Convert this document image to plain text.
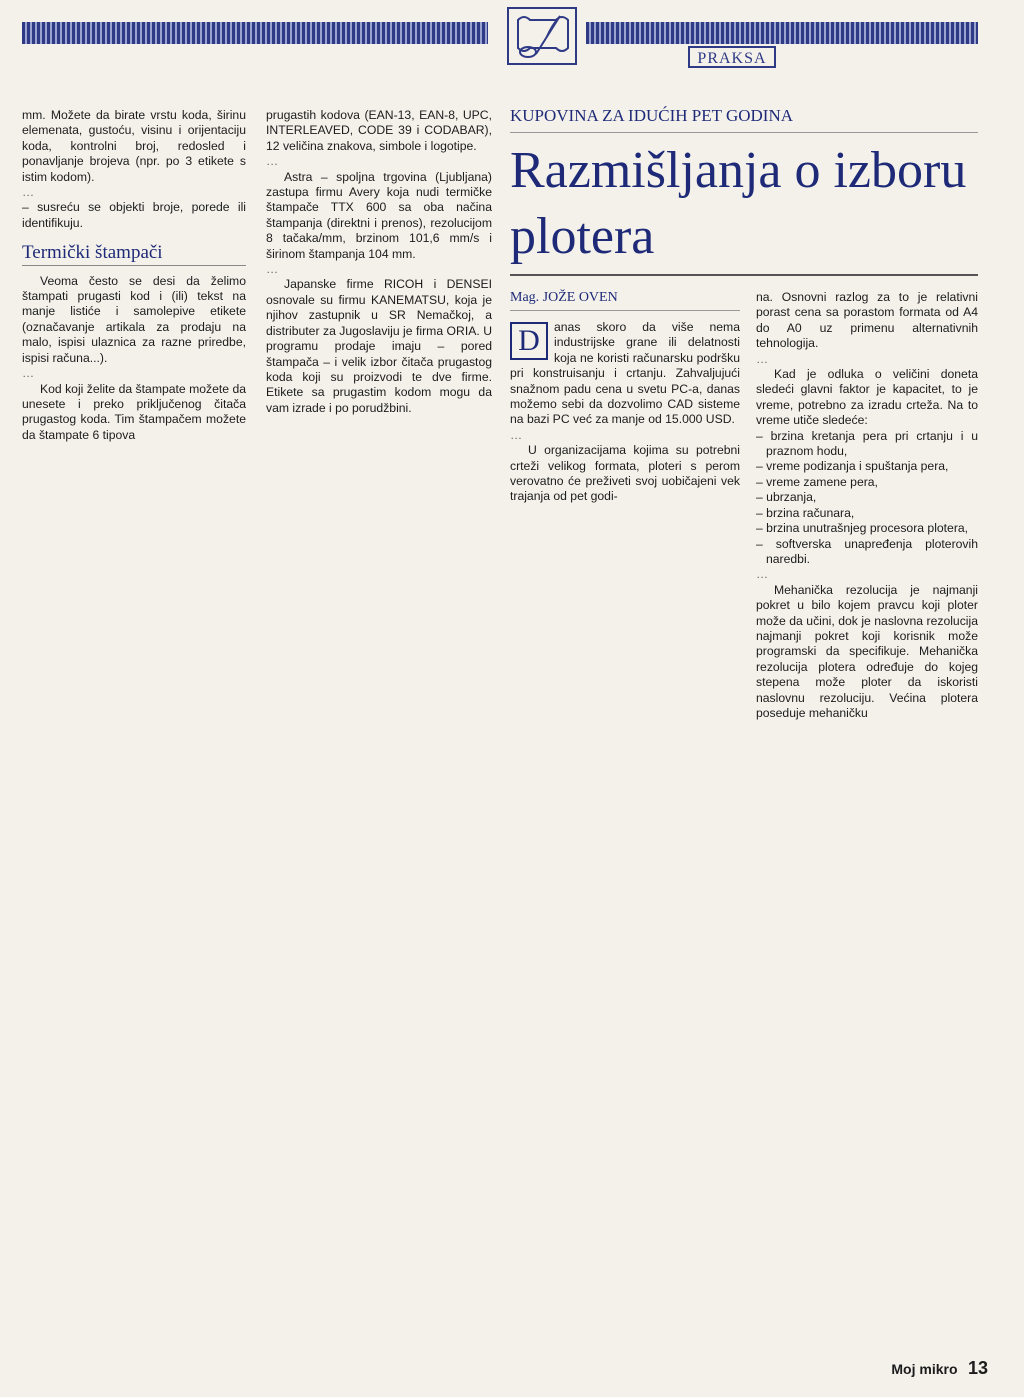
PRAKSA

mm. Možete da birate vrstu koda, širinu elemenata, gustoću, visinu i orijentaciju koda, kontrolni broj, redosled i ponavljanje brojeva (npr. po 3 etikete s istim kodom).

…

– susreću se objekti broje, porede ili identifikuju.

Termički štampači

Veoma često se desi da želimo štampati prugasti kod i (ili) tekst na manje listiće i samolepive etikete (označavanje artikala za prodaju na malo, ispisi ulaznica za razne priredbe, ispisi računa...).

…

Kod koji želite da štampate možete da unesete i preko priključenog čitača prugastog koda. Tim štampačem možete da štampate 6 tipova

prugastih kodova (EAN-13, EAN-8, UPC, INTERLEAVED, CODE 39 i CODABAR), 12 veličina znakova, simbole i logotipe.

…

Astra – spoljna trgovina (Ljubljana) zastupa firmu Avery koja nudi termičke štampače TTX 600 sa oba načina štampanja (direktni i prenos), rezolucijom 8 tačaka/mm, brzinom 101,6 mm/s i širinom štampanja 104 mm.

…

Japanske firme RICOH i DENSEI osnovale su firmu KANEMATSU, koja je njihov zastupnik u SR Nemačkoj, a distributer za Jugoslaviju je firma ORIA. U programu prodaje imaju – pored štampača – i velik izbor čitača prugastog koda koji su proizvodi te dve firme. Etikete sa prugastim kodom mogu da vam izrade i po porudžbini.

KUPOVINA ZA IDUĆIH PET GODINA
Razmišljanja o izboru plotera
Mag. JOŽE OVEN

D	anas skoro da više nema industrijske grane ili delatnosti koja ne koristi računarsku podršku pri konstruisanju i crtanju. Zahvaljujući snažnom padu cena u svetu PC-a, danas možemo sebi da dozvolimo CAD sisteme na bazi PC već za manje od 15.000 USD.

…

U organizacijama kojima su potrebni crteži velikog formata, ploteri s perom verovatno će preživeti svoj uobičajeni vek trajanja od pet godi-

na. Osnovni razlog za to je relativni porast cena sa porastom formata od A4 do A0 uz primenu alternativnih tehnologija.

…

Kad je odluka o veličini doneta sledeći glavni faktor je kapacitet, to je vreme, potrebno za izradu crteža. Na to vreme utiče sledeće:

– brzina kretanja pera pri crtanju i u praznom hodu,
– vreme podizanja i spuštanja pera,
– vreme zamene pera,
– ubrzanja,
– brzina računara,
– brzina unutrašnjeg procesora plotera,
– softverska unapređenja ploterovih naredbi.

…

Mehanička rezolucija je najmanji pokret u bilo kojem pravcu koji ploter može da učini, dok je naslovna rezolucija najmanji pokret koji korisnik može programski da specifikuje. Mehanička rezolucija plotera određuje do kojeg stepena može ploter da iskoristi naslovnu rezoluciju. Većina plotera poseduje mehaničku

Moj mikro 13
